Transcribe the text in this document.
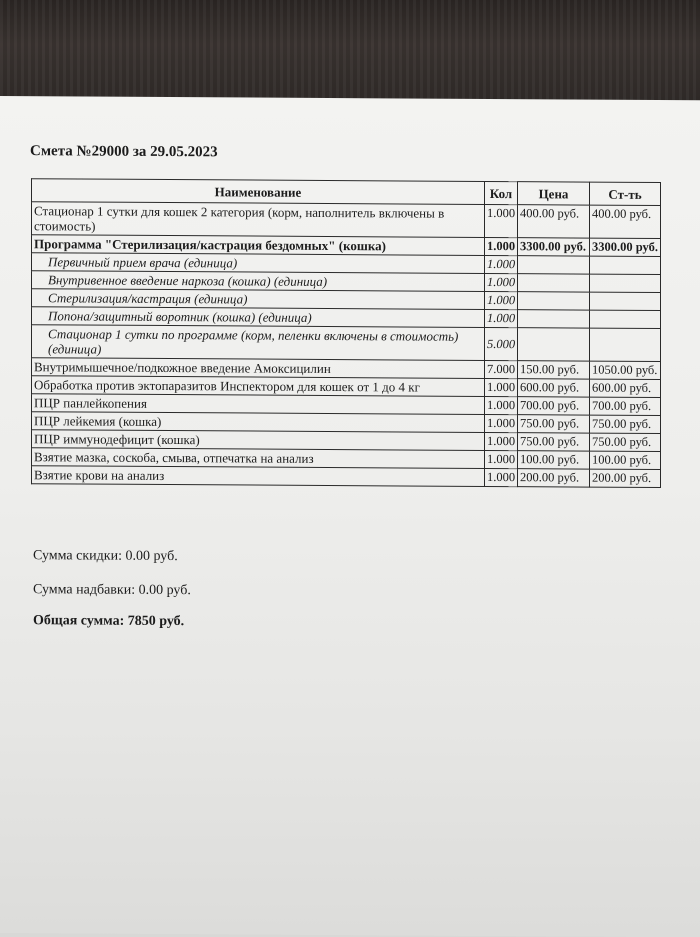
Смета №29000 за 29.05.2023
Наименование	Кол	Цена	Ст-ть
Стационар 1 сутки для кошек 2 категория (корм, наполнитель включены в стоимость)	1.000	400.00 руб.	400.00 руб.
Программа "Стерилизация/кастрация бездомных" (кошка)	1.000	3300.00 руб.	3300.00 руб.
Первичный прием врача (единица)	1.000		
Внутривенное введение наркоза (кошка) (единица)	1.000		
Стерилизация/кастрация (единица)	1.000		
Попона/защитный воротник (кошка) (единица)	1.000		
Стационар 1 сутки по программе (корм, пеленки включены в стоимость) (единица)	5.000		
Внутримышечное/подкожное введение Амоксицилин	7.000	150.00 руб.	1050.00 руб.
Обработка против эктопаразитов Инспектором для кошек от 1 до 4 кг	1.000	600.00 руб.	600.00 руб.
ПЦР панлейкопения	1.000	700.00 руб.	700.00 руб.
ПЦР лейкемия (кошка)	1.000	750.00 руб.	750.00 руб.
ПЦР иммунодефицит (кошка)	1.000	750.00 руб.	750.00 руб.
Взятие мазка, соскоба, смыва, отпечатка на анализ	1.000	100.00 руб.	100.00 руб.
Взятие крови на анализ	1.000	200.00 руб.	200.00 руб.

Сумма скидки: 0.00 руб.

Сумма надбавки: 0.00 руб.

Общая сумма: 7850 руб.
